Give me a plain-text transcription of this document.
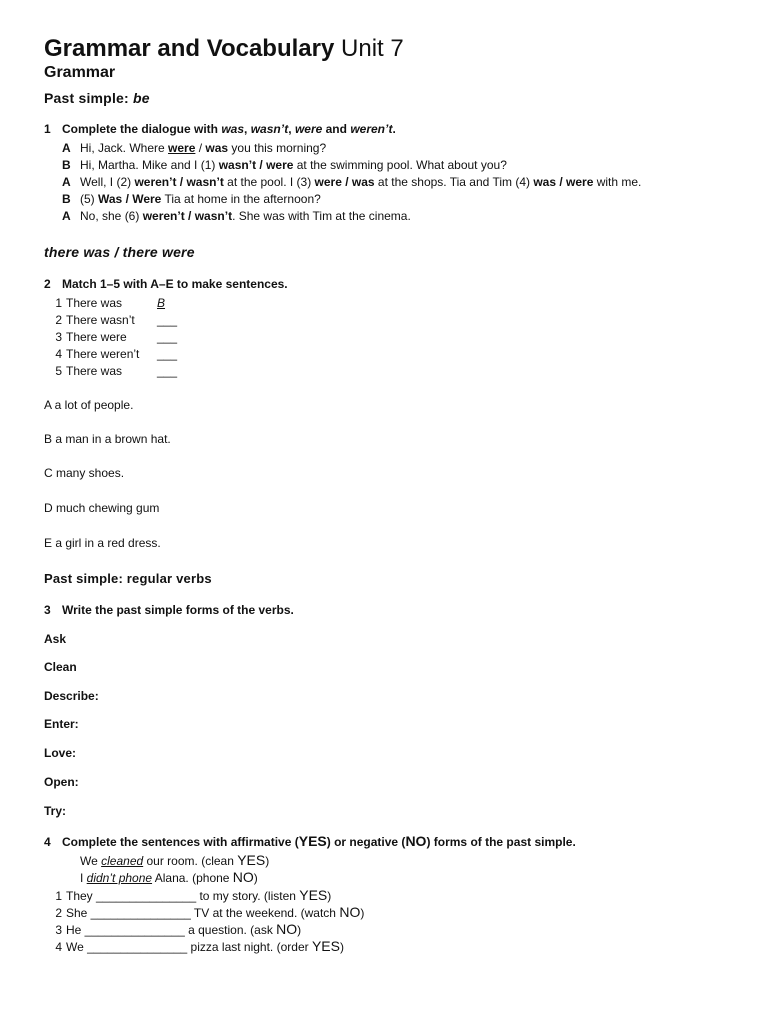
Grammar and Vocabulary Unit 7
Grammar
Past simple: be
1 Complete the dialogue with was, wasn’t, were and weren’t.
A Hi, Jack. Where were / was you this morning?
B Hi, Martha. Mike and I (1) wasn’t / were at the swimming pool. What about you?
A Well, I (2) weren’t / wasn’t at the pool. I (3) were / was at the shops. Tia and Tim (4) was / were with me.
B (5) Was / Were Tia at home in the afternoon?
A No, she (6) weren’t / wasn’t. She was with Tim at the cinema.
there was / there were
2 Match 1–5 with A–E to make sentences.
1 There was	B
2 There wasn’t ___
3 There were	___
4 There weren’t ___
5 There was	___
A a lot of people.
B a man in a brown hat.
C many shoes.
D much chewing gum
E a girl in a red dress.
Past simple: regular verbs
3 Write the past simple forms of the verbs.
Ask
Clean
Describe:
Enter:
Love:
Open:
Try:
4 Complete the sentences with affirmative (YES) or negative (NO) forms of the past simple.
We cleaned our room. (clean YES)
I didn’t phone Alana. (phone NO)
1 They _______________ to my story. (listen YES)
2 She _______________ TV at the weekend. (watch NO)
3 He _______________ a question. (ask NO)
4 We _______________ pizza last night. (order YES)
